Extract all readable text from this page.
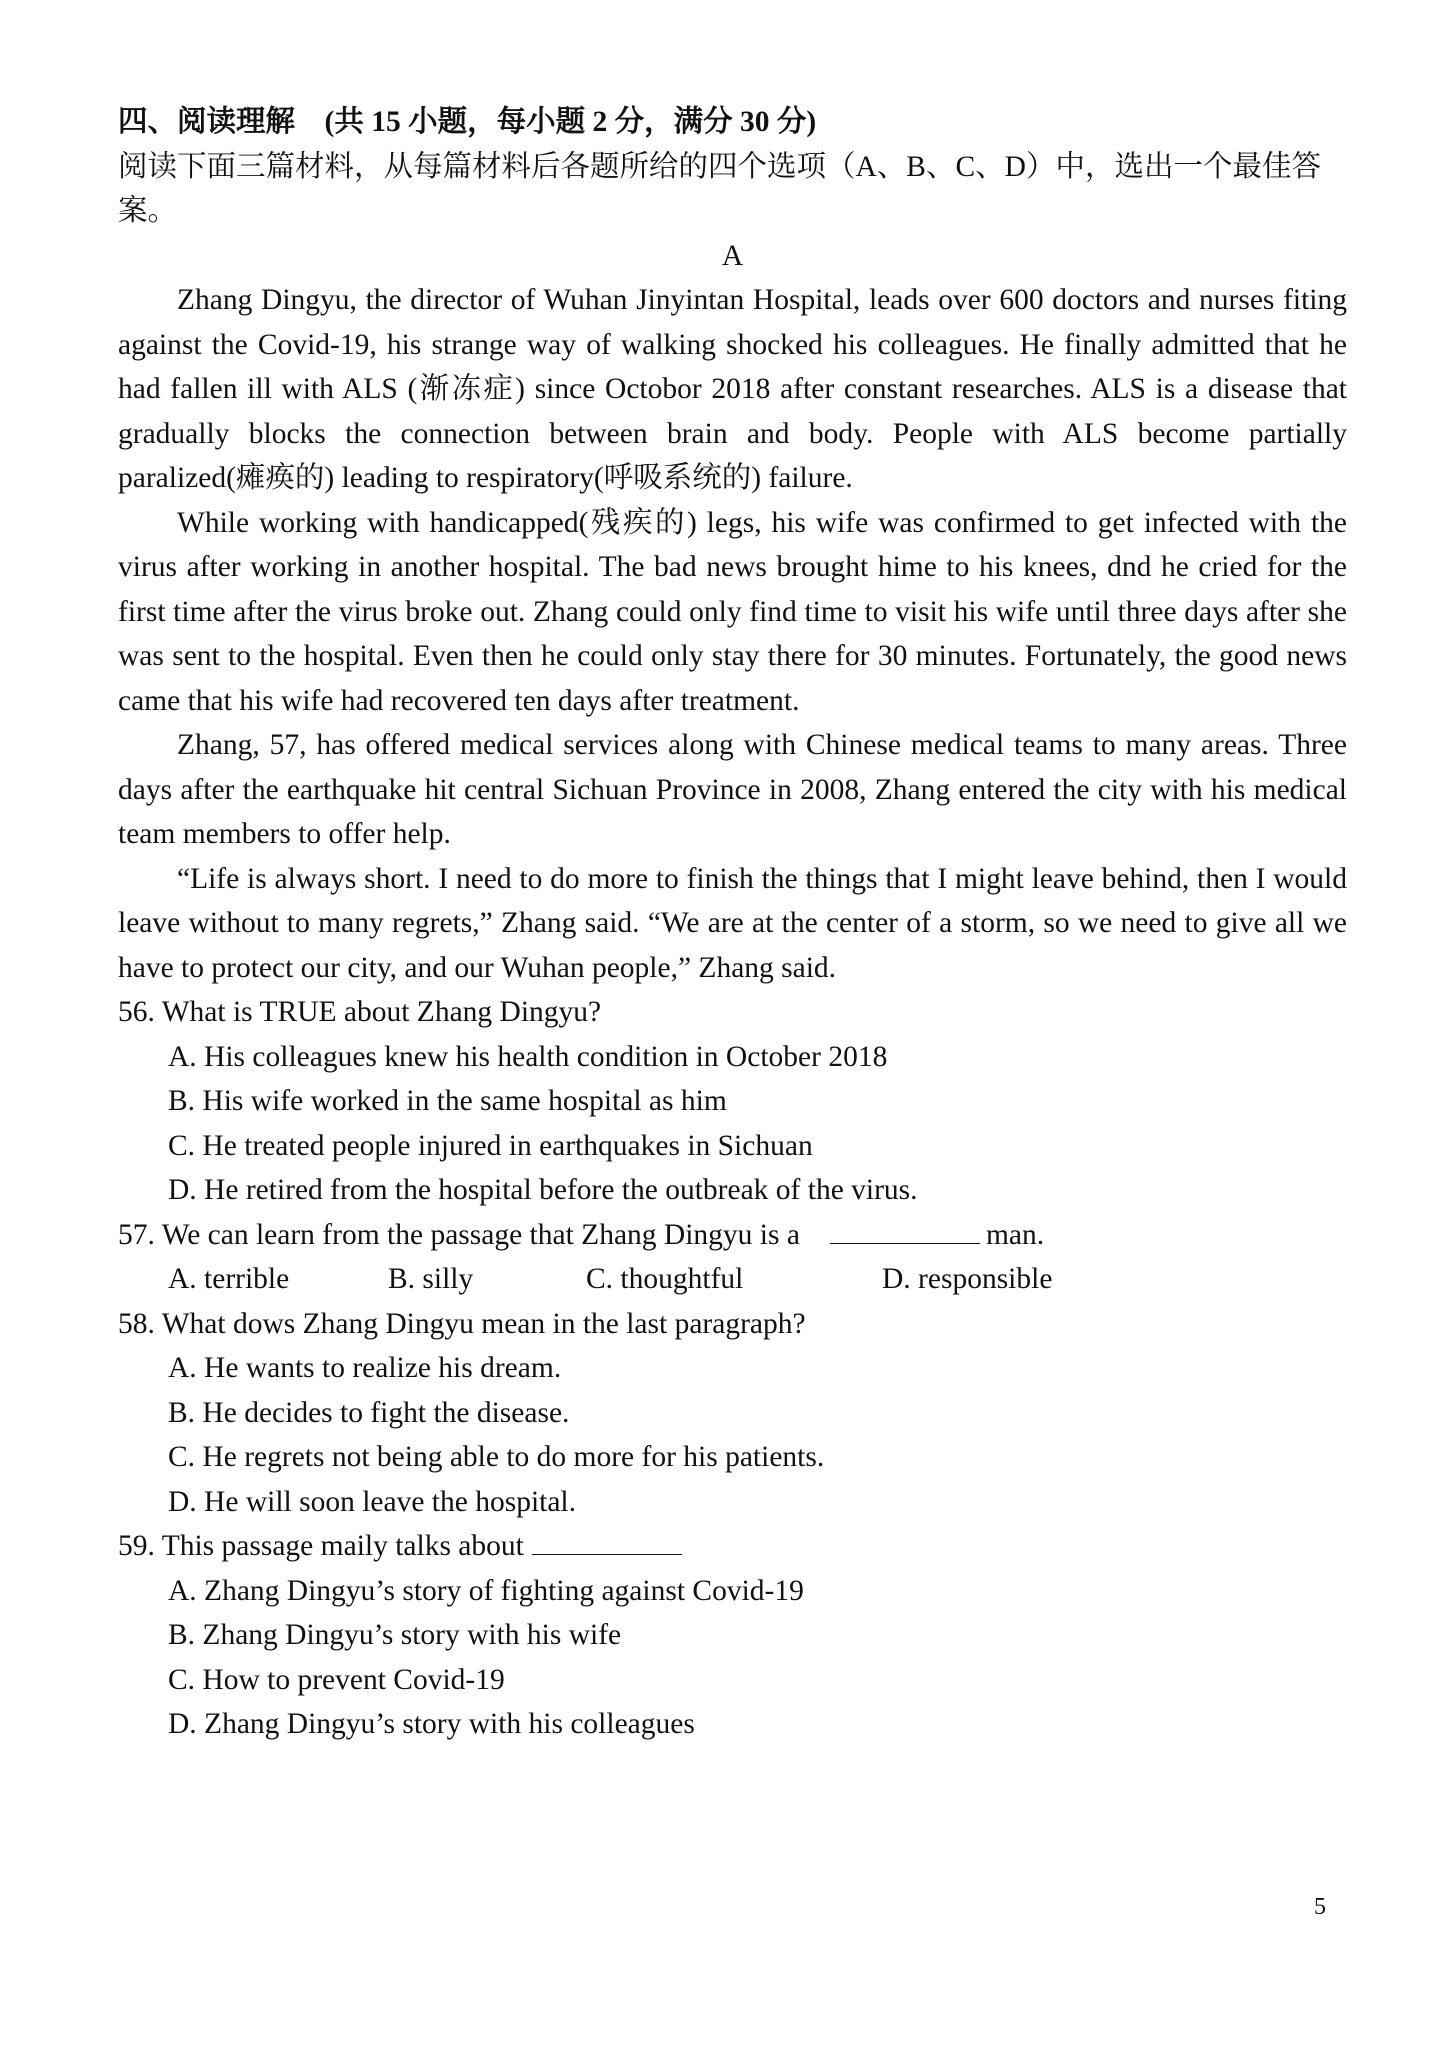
四、阅读理解　(共 15 小题，每小题 2 分，满分 30 分)

阅读下面三篇材料，从每篇材料后各题所给的四个选项（A、B、C、D）中，选出一个最佳答案。

A

Zhang Dingyu, the director of Wuhan Jinyintan Hospital, leads over 600 doctors and nurses fiting against the Covid-19, his strange way of walking shocked his colleagues. He finally admitted that he had fallen ill with ALS (渐冻症) since Octobor 2018 after constant researches. ALS is a disease that gradually blocks the connection between brain and body. People with ALS become partially paralized(瘫痪的) leading to respiratory(呼吸系统的) failure.

While working with handicapped(残疾的) legs, his wife was confirmed to get infected with the virus after working in another hospital. The bad news brought hime to his knees, dnd he cried for the first time after the virus broke out. Zhang could only find time to visit his wife until three days after she was sent to the hospital. Even then he could only stay there for 30 minutes. Fortunately, the good news came that his wife had recovered ten days after treatment.

Zhang, 57, has offered medical services along with Chinese medical teams to many areas. Three days after the earthquake hit central Sichuan Province in 2008, Zhang entered the city with his medical team members to offer help.

“Life is always short. I need to do more to finish the things that I might leave behind, then I would leave without to many regrets,” Zhang said. “We are at the center of a storm, so we need to give all we have to protect our city, and our Wuhan people,” Zhang said.

56. What is TRUE about Zhang Dingyu?

A. His colleagues knew his health condition in October 2018

B. His wife worked in the same hospital as him

C. He treated people injured in earthquakes in Sichuan

D. He retired from the hospital before the outbreak of the virus.

57. We can learn from the passage that Zhang Dingyu is a	man.

A. terrible	B. silly	C. thoughtful	D. responsible

58. What dows Zhang Dingyu mean in the last paragraph?

A. He wants to realize his dream.

B. He decides to fight the disease.

C. He regrets not being able to do more for his patients.

D. He will soon leave the hospital.

59. This passage maily talks about

A. Zhang Dingyu’s story of fighting against Covid-19

B. Zhang Dingyu’s story with his wife

C. How to prevent Covid-19

D. Zhang Dingyu’s story with his colleagues

5
